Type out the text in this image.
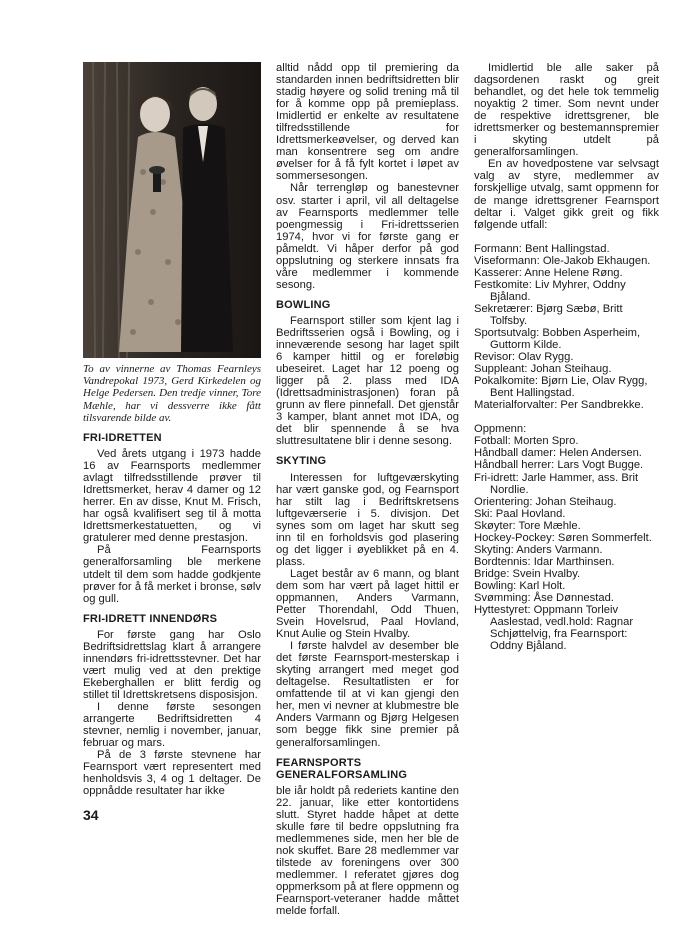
To av vinnerne av Thomas Fearnleys Vandrepokal 1973, Gerd Kirkedelen og Helge Pedersen. Den tredje vinner, Tore Mæhle, har vi dessverre ikke fått tilsvarende bilde av.

FRI-IDRETTEN

Ved årets utgang i 1973 hadde 16 av Fearnsports medlemmer avlagt tilfredsstillende prøver til Idrettsmerket, herav 4 damer og 12 herrer. En av disse, Knut M. Frisch, har også kvalifisert seg til å motta Idrettsmerkestatuetten, og vi gratulerer med denne prestasjon.

På Fearnsports generalforsamling ble merkene utdelt til dem som hadde godkjente prøver for å få merket i bronse, sølv og gull.

FRI-IDRETT INNENDØRS

For første gang har Oslo Bedriftsidrettslag klart å arrangere innendørs fri-idrettsstevner. Det har vært mulig ved at den prektige Ekeberghallen er blitt ferdig og stillet til Idrettskretsens disposisjon.

I denne første sesongen arrangerte Bedriftsidretten 4 stevner, nemlig i november, januar, februar og mars.

På de 3 første stevnene har Fearnsport vært representert med henholdsvis 3, 4 og 1 deltager. De oppnådde resultater har ikke

alltid nådd opp til premiering da standarden innen bedriftsidretten blir stadig høyere og solid trening må til for å komme opp på premieplass. Imidlertid er enkelte av resultatene tilfredsstillende for Idrettsmerkeøvelser, og derved kan man konsentrere seg om andre øvelser for å få fylt kortet i løpet av sommersesongen.

Når terrengløp og banestevner osv. starter i april, vil all deltagelse av Fearnsports medlemmer telle poengmessig i Fri-idrettsserien 1974, hvor vi for første gang er påmeldt. Vi håper derfor på god oppslutning og sterkere innsats fra våre medlemmer i kommende sesong.

BOWLING

Fearnsport stiller som kjent lag i Bedriftsserien også i Bowling, og i inneværende sesong har laget spilt 6 kamper hittil og er foreløbig ubeseiret. Laget har 12 poeng og ligger på 2. plass med IDA (Idrettsadministrasjonen) foran på grunn av flere pinnefall. Det gjenstår 3 kamper, blant annet mot IDA, og det blir spennende å se hva sluttresultatene blir i denne sesong.

SKYTING

Interessen for luftgeværskyting har vært ganske god, og Fearnsport har stilt lag i Bedriftskretsens luftgeværserie i 5. divisjon. Det synes som om laget har skutt seg inn til en forholdsvis god plasering og det ligger i øyeblikket på en 4. plass.

Laget består av 6 mann, og blant dem som har vært på laget hittil er oppmannen, Anders Varmann, Petter Thorendahl, Odd Thuen, Svein Hovelsrud, Paal Hovland, Knut Aulie og Stein Hvalby.

I første halvdel av desember ble det første Fearnsport-mesterskap i skyting arrangert med meget god deltagelse. Resultatlisten er for omfattende til at vi kan gjengi den her, men vi nevner at klubmestre ble Anders Varmann og Bjørg Helgesen som begge fikk sine premier på generalforsamlingen.

FEARNSPORTS
GENERALFORSAMLING

ble iår holdt på rederiets kantine den 22. januar, like etter kontortidens slutt. Styret hadde håpet at dette skulle føre til bedre oppslutning fra medlemmenes side, men her ble de nok skuffet. Bare 28 medlemmer var tilstede av foreningens over 300 medlemmer. I referatet gjøres dog oppmerksom på at flere oppmenn og Fearnsport-veteraner hadde måttet melde forfall.

Imidlertid ble alle saker på dagsordenen raskt og greit behandlet, og det hele tok temmelig noyaktig 2 timer. Som nevnt under de respektive idrettsgrener, ble idrettsmerker og bestemannspremier i skyting utdelt på generalforsamlingen.

En av hovedpostene var selvsagt valg av styre, medlemmer av forskjellige utvalg, samt oppmenn for de mange idrettsgrener Fearnsport deltar i. Valget gikk greit og fikk følgende utfall:

Formann: Bent Hallingstad.
Viseformann: Ole-Jakob Ekhaugen.
Kasserer: Anne Helene Røng.
Festkomite: Liv Myhrer, Oddny Bjåland.
Sekretærer: Bjørg Sæbø, Britt Tolfsby.
Sportsutvalg: Bobben Asperheim, Guttorm Kilde.
Revisor: Olav Rygg.
Suppleant: Johan Steihaug.
Pokalkomite: Bjørn Lie, Olav Rygg, Bent Hallingstad.
Materialforvalter: Per Sandbrekke.

Oppmenn:

Fotball: Morten Spro.
Håndball damer: Helen Andersen.
Håndball herrer: Lars Vogt Bugge.
Fri-idrett: Jarle Hammer, ass. Brit Nordlie.
Orientering: Johan Steihaug.
Ski: Paal Hovland.
Skøyter: Tore Mæhle.
Hockey-Pockey: Søren Sommerfelt.
Skyting: Anders Varmann.
Bordtennis: Idar Marthinsen.
Bridge: Svein Hvalby.
Bowling: Karl Holt.
Svømming: Åse Dønnestad.
Hyttestyret: Oppmann Torleiv Aaslestad, vedl.hold: Ragnar Schjøttelvig, fra Fearnsport: Oddny Bjåland.
34
